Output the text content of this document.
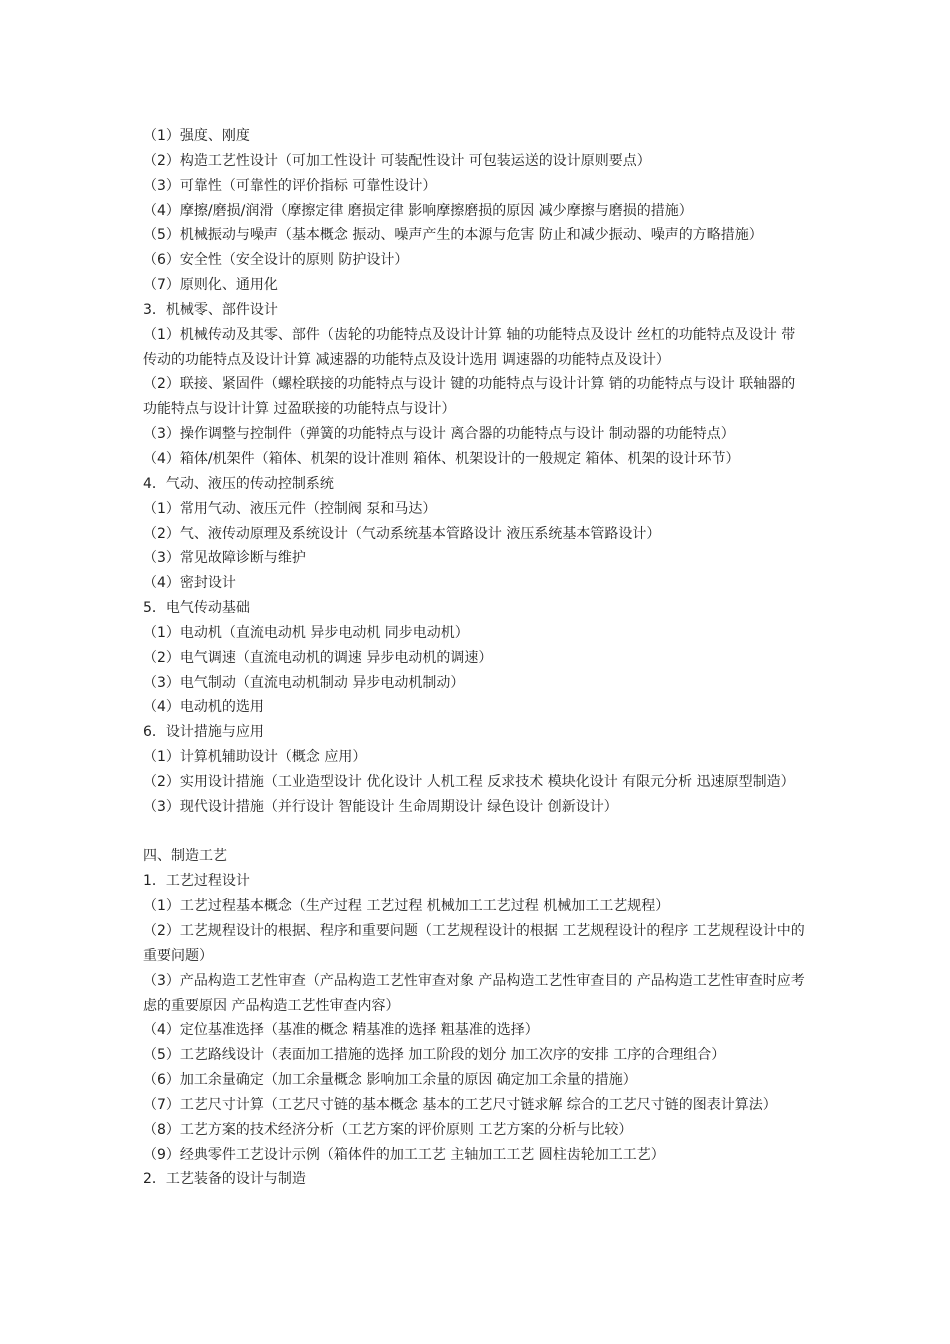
（1）强度、刚度

（2）构造工艺性设计（可加工性设计 可装配性设计 可包装运送的设计原则要点）

（3）可靠性（可靠性的评价指标 可靠性设计）

（4）摩擦/磨损/润滑（摩擦定律 磨损定律 影响摩擦磨损的原因 减少摩擦与磨损的措施）

（5）机械振动与噪声（基本概念 振动、噪声产生的本源与危害 防止和减少振动、噪声的方略措施）

（6）安全性（安全设计的原则 防护设计）

（7）原则化、通用化

3．机械零、部件设计

（1）机械传动及其零、部件（齿轮的功能特点及设计计算 轴的功能特点及设计 丝杠的功能特点及设计 带传动的功能特点及设计计算 减速器的功能特点及设计选用 调速器的功能特点及设计）

（2）联接、紧固件（螺栓联接的功能特点与设计 键的功能特点与设计计算 销的功能特点与设计 联轴器的功能特点与设计计算 过盈联接的功能特点与设计）

（3）操作调整与控制件（弹簧的功能特点与设计 离合器的功能特点与设计 制动器的功能特点）

（4）箱体/机架件（箱体、机架的设计准则 箱体、机架设计的一般规定 箱体、机架的设计环节）

4．气动、液压的传动控制系统

（1）常用气动、液压元件（控制阀 泵和马达）

（2）气、液传动原理及系统设计（气动系统基本管路设计 液压系统基本管路设计）

（3）常见故障诊断与维护

（4）密封设计

5．电气传动基础

（1）电动机（直流电动机 异步电动机 同步电动机）

（2）电气调速（直流电动机的调速 异步电动机的调速）

（3）电气制动（直流电动机制动 异步电动机制动）

（4）电动机的选用

6．设计措施与应用

（1）计算机辅助设计（概念 应用）

（2）实用设计措施（工业造型设计 优化设计 人机工程 反求技术 模块化设计 有限元分析 迅速原型制造）

（3）现代设计措施（并行设计 智能设计 生命周期设计 绿色设计 创新设计）

四、制造工艺

1．工艺过程设计

（1）工艺过程基本概念（生产过程 工艺过程 机械加工工艺过程 机械加工工艺规程）

（2）工艺规程设计的根据、程序和重要问题（工艺规程设计的根据 工艺规程设计的程序 工艺规程设计中的重要问题）

（3）产品构造工艺性审查（产品构造工艺性审查对象 产品构造工艺性审查目的 产品构造工艺性审查时应考虑的重要原因 产品构造工艺性审查内容）

（4）定位基准选择（基准的概念 精基准的选择 粗基准的选择）

（5）工艺路线设计（表面加工措施的选择 加工阶段的划分 加工次序的安排 工序的合理组合）

（6）加工余量确定（加工余量概念 影响加工余量的原因 确定加工余量的措施）

（7）工艺尺寸计算（工艺尺寸链的基本概念 基本的工艺尺寸链求解 综合的工艺尺寸链的图表计算法）

（8）工艺方案的技术经济分析（工艺方案的评价原则 工艺方案的分析与比较）

（9）经典零件工艺设计示例（箱体件的加工工艺 主轴加工工艺 圆柱齿轮加工工艺）

2．工艺装备的设计与制造
